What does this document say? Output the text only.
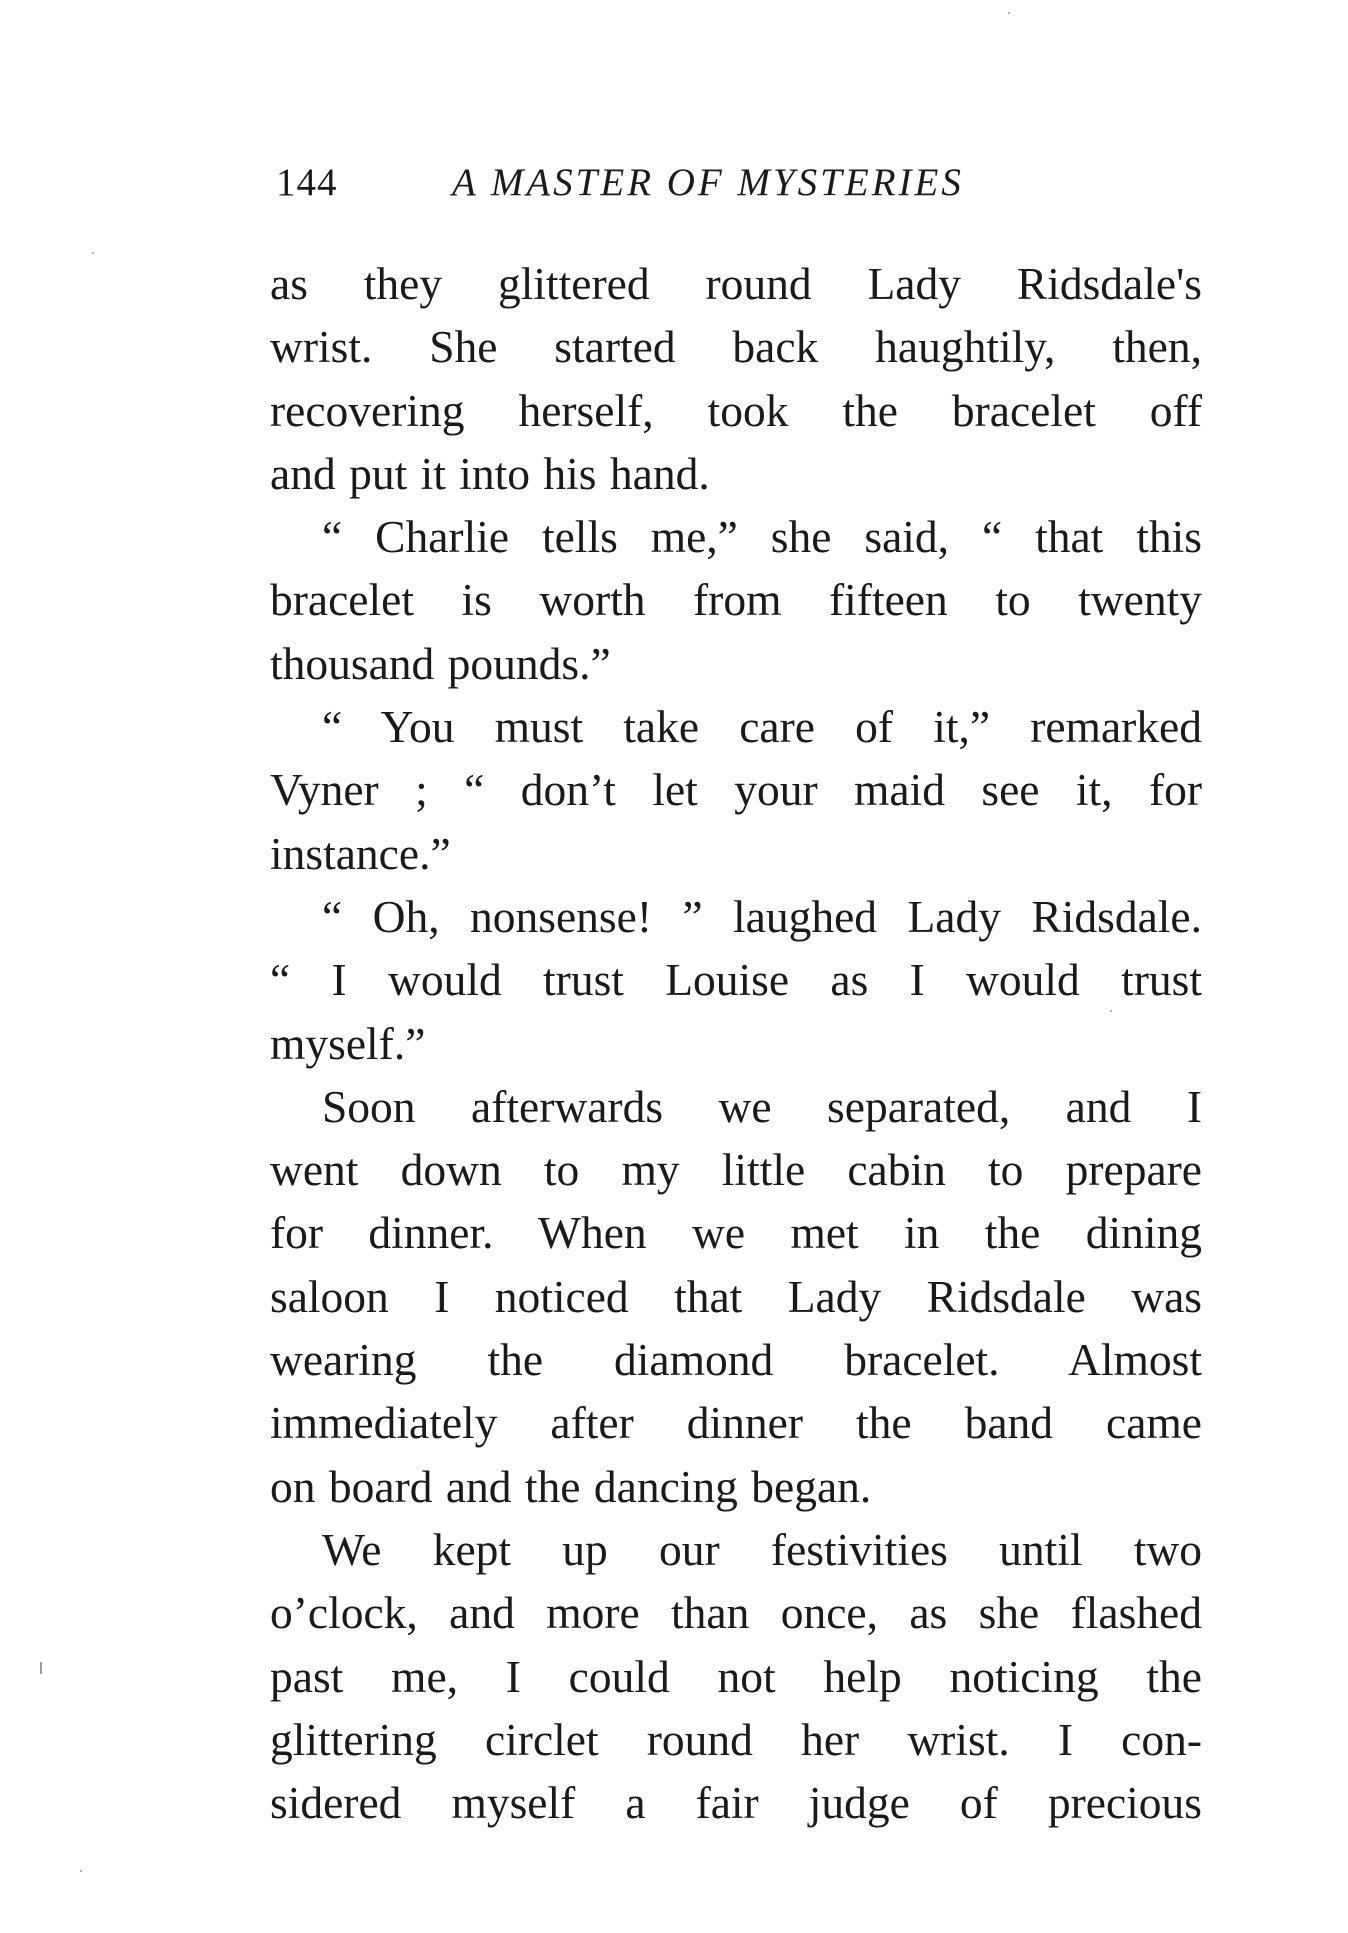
144	A MASTER OF MYSTERIES
as they glittered round Lady Ridsdale's
wrist. She started back haughtily, then,
recovering herself, took the bracelet off
and put it into his hand.
“ Charlie tells me,” she said, “ that this
bracelet is worth from fifteen to twenty
thousand pounds.”
“ You must take care of it,” remarked
Vyner ; “ don’t let your maid see it, for
instance.”
“ Oh, nonsense! ” laughed Lady Ridsdale.
“ I would trust Louise as I would trust
myself.”
Soon afterwards we separated, and I
went down to my little cabin to prepare
for dinner. When we met in the dining
saloon I noticed that Lady Ridsdale was
wearing the diamond bracelet. Almost
immediately after dinner the band came
on board and the dancing began.
We kept up our festivities until two
o’clock, and more than once, as she flashed
past me, I could not help noticing the
glittering circlet round her wrist. I con-
sidered myself a fair judge of precious
